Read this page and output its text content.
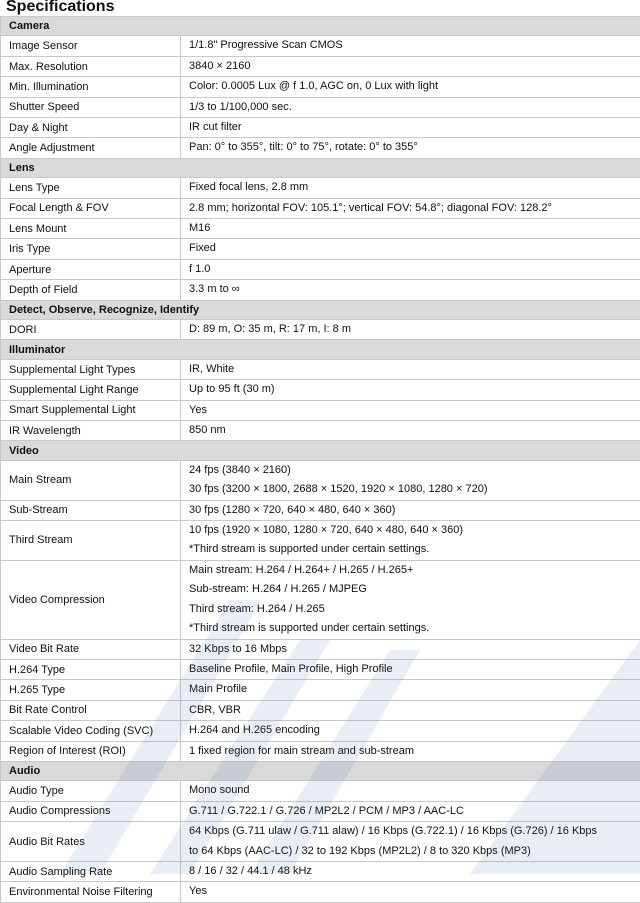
Specifications
Camera	
Image Sensor	1/1.8" Progressive Scan CMOS

Max. Resolution	3840 × 2160

Min. Illumination	Color: 0.0005 Lux @ f 1.0, AGC on, 0 Lux with light

Shutter Speed	1/3 to 1/100,000 sec.

Day & Night	IR cut filter

Angle Adjustment	Pan: 0° to 355°, tilt: 0° to 75°, rotate: 0° to 355°

Lens	
Lens Type	Fixed focal lens, 2.8 mm

Focal Length & FOV	2.8 mm; horizontal FOV: 105.1°; vertical FOV: 54.8°; diagonal FOV: 128.2°

Lens Mount	M16

Iris Type	Fixed

Aperture	f 1.0

Depth of Field	3.3 m to ∞

Detect, Observe, Recognize, Identify	
DORI	D: 89 m, O: 35 m, R: 17 m, I: 8 m

Illuminator	
Supplemental Light Types	IR, White

Supplemental Light Range	Up to 95 ft (30 m)

Smart Supplemental Light	Yes

IR Wavelength	850 nm

Video	
Main Stream	24 fps (3840 × 2160)
30 fps (3200 × 1800, 2688 × 1520, 1920 × 1080, 1280 × 720)

Sub-Stream	30 fps (1280 × 720, 640 × 480, 640 × 360)

Third Stream	10 fps (1920 × 1080, 1280 × 720, 640 × 480, 640 × 360)
*Third stream is supported under certain settings.

Video Compression	Main stream: H.264 / H.264+ / H.265 / H.265+
Sub-stream: H.264 / H.265 / MJPEG
Third stream: H.264 / H.265
*Third stream is supported under certain settings.

Video Bit Rate	32 Kbps to 16 Mbps

H.264 Type	Baseline Profile, Main Profile, High Profile

H.265 Type	Main Profile

Bit Rate Control	CBR, VBR

Scalable Video Coding (SVC)	H.264 and H.265 encoding

Region of Interest (ROI)	1 fixed region for main stream and sub-stream

Audio	
Audio Type	Mono sound

Audio Compressions	G.711 / G.722.1 / G.726 / MP2L2 / PCM / MP3 / AAC-LC

Audio Bit Rates	64 Kbps (G.711 ulaw / G.711 alaw) / 16 Kbps (G.722.1) / 16 Kbps (G.726) / 16 Kbps
to 64 Kbps (AAC-LC) / 32 to 192 Kbps (MP2L2) / 8 to 320 Kbps (MP3)

Audio Sampling Rate	8 / 16 / 32 / 44.1 / 48 kHz

Environmental Noise Filtering	Yes
